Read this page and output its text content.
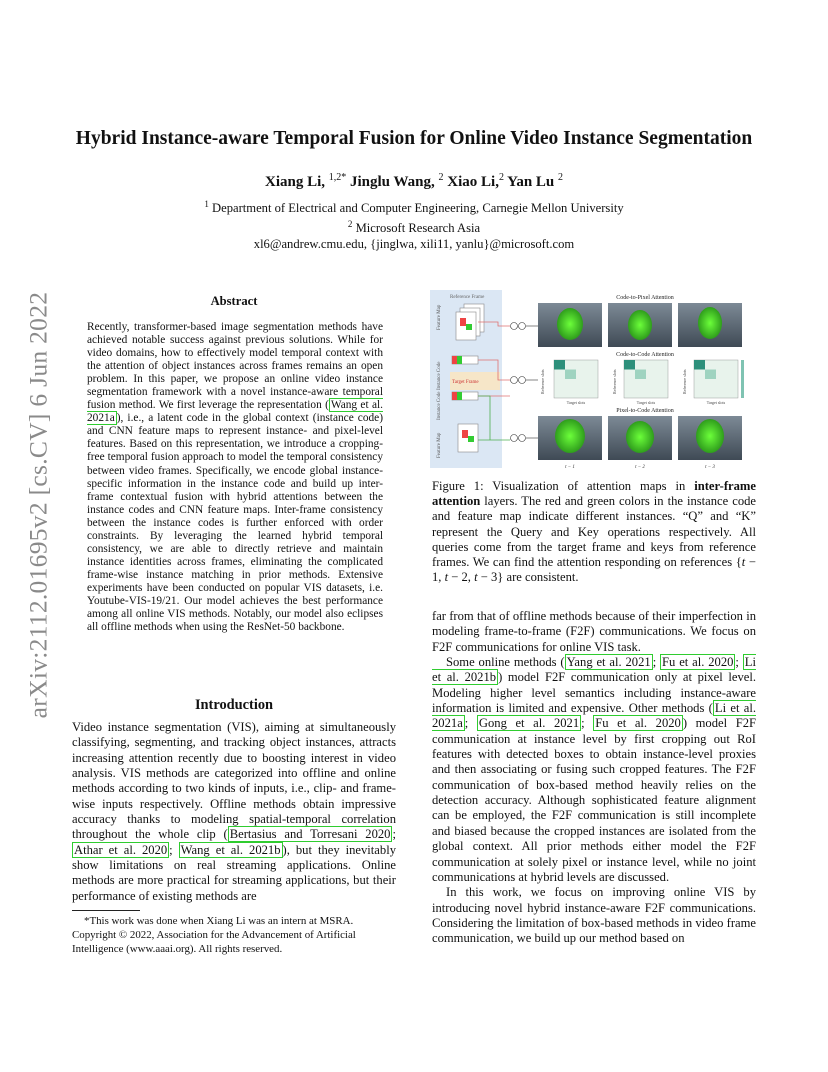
arXiv:2112.01695v2 [cs.CV] 6 Jun 2022
Hybrid Instance-aware Temporal Fusion for Online Video Instance Segmentation
Xiang Li, $^{1,2*}$ Jinglu Wang, $^2$ Xiao Li,$^2$ Yan Lu $^2$
$^1$ Department of Electrical and Computer Engineering, Carnegie Mellon University
$^2$ Microsoft Research Asia
xl6@andrew.cmu.edu, {jinglwa, xili11, yanlu}@microsoft.com
Abstract
Recently, transformer-based image segmentation methods have achieved notable success against previous solutions. While for video domains, how to effectively model temporal context with the attention of object instances across frames remains an open problem. In this paper, we propose an online video instance segmentation framework with a novel instance-aware temporal fusion method. We first leverage the representation ( Wang et al. 2021a ), i.e., a latent code in the global context (instance code) and CNN feature maps to represent instance- and pixel-level features. Based on this representation, we introduce a cropping-free temporal fusion approach to model the temporal consistency between video frames. Specifically, we encode global instance-specific information in the instance code and build up inter-frame contextual fusion with hybrid attentions between the instance codes and CNN feature maps. Inter-frame consistency between the instance codes is further enforced with order constraints. By leveraging the learned hybrid temporal consistency, we are able to directly retrieve and maintain instance identities across frames, eliminating the complicated frame-wise instance matching in prior methods. Extensive experiments have been conducted on popular VIS datasets, i.e. Youtube-VIS-19/21. Our model achieves the best performance among all online VIS methods. Notably, our model also eclipses all offline methods when using the ResNet-50 backbone.
Introduction

Video instance segmentation (VIS), aiming at simultaneously classifying, segmenting, and tracking object instances, attracts increasing attention recently due to boosting interest in video analysis. VIS methods are categorized into offline and online methods according to two kinds of inputs, i.e., clip- and frame-wise inputs respectively. Offline methods obtain impressive accuracy thanks to modeling spatial-temporal correlation throughout the whole clip ( Bertasius and Torresani 2020 ; Athar et al. 2020 ; Wang et al. 2021b ), but they inevitably show limitations on real streaming applications. Online methods are more practical for streaming applications, but their performance of existing methods are

*This work was done when Xiang Li was an intern at MSRA.

Copyright © 2022, Association for the Advancement of Artificial Intelligence (www.aaai.org). All rights reserved.

Feature Map
Instance Code
Instance Code
Feature Map
Reference Frame
Target Frame
Code-to-Pixel Attention
Code-to-Code Attention
Pixel-to-Code Attention
Reference slots
Target slots
Reference slots
Target slots
Reference slots
Target slots
t − 1	t − 2	t − 3
Figure 1: Visualization of attention maps in inter-frame attention layers. The red and green colors in the instance code and feature map indicate different instances. “Q” and “K” represent the Query and Key operations respectively. All queries come from the target frame and keys from reference frames. We can find the attention responding on references {t − 1, t − 2, t − 3} are consistent.

far from that of offline methods because of their imperfection in modeling frame-to-frame (F2F) communications. We focus on F2F communications for online VIS task.

Some online methods ( Yang et al. 2021 ; Fu et al. 2020 ; Li et al. 2021b ) model F2F communication only at pixel level. Modeling higher level semantics including instance-aware information is limited and expensive. Other methods ( Li et al. 2021a ; Gong et al. 2021 ; Fu et al. 2020 ) model F2F communication at instance level by first cropping out RoI features with detected boxes to obtain instance-level proxies and then associating or fusing such cropped features. The F2F communication of box-based method heavily relies on the detection accuracy. Although sophisticated feature alignment can be employed, the F2F communication is still incomplete and biased because the cropped instances are isolated from the global context. All prior methods either model the F2F communication at solely pixel or instance level, while no joint communications at hybrid levels are discussed.

In this work, we focus on improving online VIS by introducing novel hybrid instance-aware F2F communications. Considering the limitation of box-based methods in video frame communication, we build up our method based on
